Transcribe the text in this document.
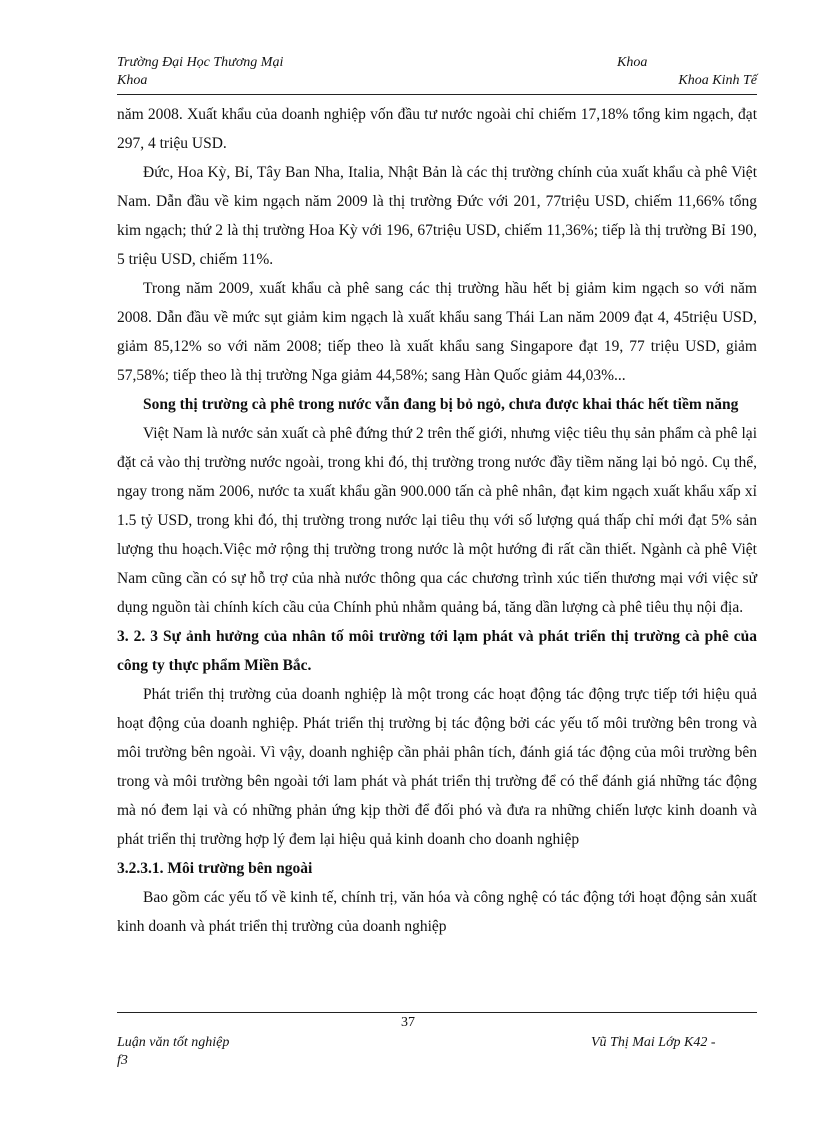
Trường Đại Học Thương Mại	Khoa
Khoa	Khoa Kinh Tế

năm 2008. Xuất khẩu của doanh nghiệp vốn đầu tư nước ngoài chỉ chiếm 17,18% tổng kim ngạch, đạt 297, 4 triệu USD.

Đức, Hoa Kỳ, Bỉ, Tây Ban Nha, Italia, Nhật Bản là các thị trường chính của xuất khẩu cà phê Việt Nam. Dẫn đầu về kim ngạch năm 2009 là thị trường Đức với 201, 77triệu USD, chiếm 11,66% tổng kim ngạch; thứ 2 là thị trường Hoa Kỳ với 196, 67triệu USD, chiếm 11,36%; tiếp là thị trường Bỉ 190, 5 triệu USD, chiếm 11%.

Trong năm 2009, xuất khẩu cà phê sang các thị trường hầu hết bị giảm kim ngạch so với năm 2008. Dẫn đầu về mức sụt giảm kim ngạch là xuất khẩu sang Thái Lan năm 2009 đạt 4, 45triệu USD, giảm 85,12% so với năm 2008; tiếp theo là xuất khẩu sang Singapore đạt 19, 77 triệu USD, giảm 57,58%; tiếp theo là thị trường Nga giảm 44,58%; sang Hàn Quốc giảm 44,03%...

Song thị trường cà phê trong nước vẫn đang bị bỏ ngỏ, chưa được khai thác hết tiềm năng

Việt Nam là nước sản xuất cà phê đứng thứ 2 trên thế giới, nhưng việc tiêu thụ sản phẩm cà phê lại đặt cả vào thị trường nước ngoài, trong khi đó, thị trường trong nước đầy tiềm năng lại bỏ ngỏ. Cụ thể, ngay trong năm 2006, nước ta xuất khẩu gần 900.000 tấn cà phê nhân, đạt kim ngạch xuất khẩu xấp xỉ 1.5 tỷ USD, trong khi đó, thị trường trong nước lại tiêu thụ với số lượng quá thấp chỉ mới đạt 5% sản lượng thu hoạch.Việc mở rộng thị trường trong nước là một hướng đi rất cần thiết. Ngành cà phê Việt Nam cũng cần có sự hỗ trợ của nhà nước thông qua các chương trình xúc tiến thương mại với việc sử dụng nguồn tài chính kích cầu của Chính phủ nhằm quảng bá, tăng dần lượng cà phê tiêu thụ nội địa.

3. 2. 3 Sự ảnh hưởng của nhân tố môi trường tới lạm phát và phát triển thị trường cà phê của công ty thực phẩm Miền Bắc.

Phát triển thị trường của doanh nghiệp là một trong các hoạt động tác động trực tiếp tới hiệu quả hoạt động của doanh nghiệp. Phát triển thị trường bị tác động bởi các yếu tố môi trường bên trong và môi trường bên ngoài. Vì vậy, doanh nghiệp cần phải phân tích, đánh giá tác động của môi trường bên trong và môi trường bên ngoài tới lam phát và phát triển thị trường để có thể đánh giá những tác động mà nó đem lại và có những phản ứng kịp thời để đối phó và đưa ra những chiến lược kinh doanh và phát triển thị trường hợp lý đem lại hiệu quả kinh doanh cho doanh nghiệp

3.2.3.1. Môi trường bên ngoài

Bao gồm các yếu tố về kinh tế, chính trị, văn hóa và công nghệ có tác động tới hoạt động sản xuất kinh doanh và phát triển thị trường của doanh nghiệp

37
Luận văn tốt nghiệp	Vũ Thị Mai Lớp K42 -
f3
